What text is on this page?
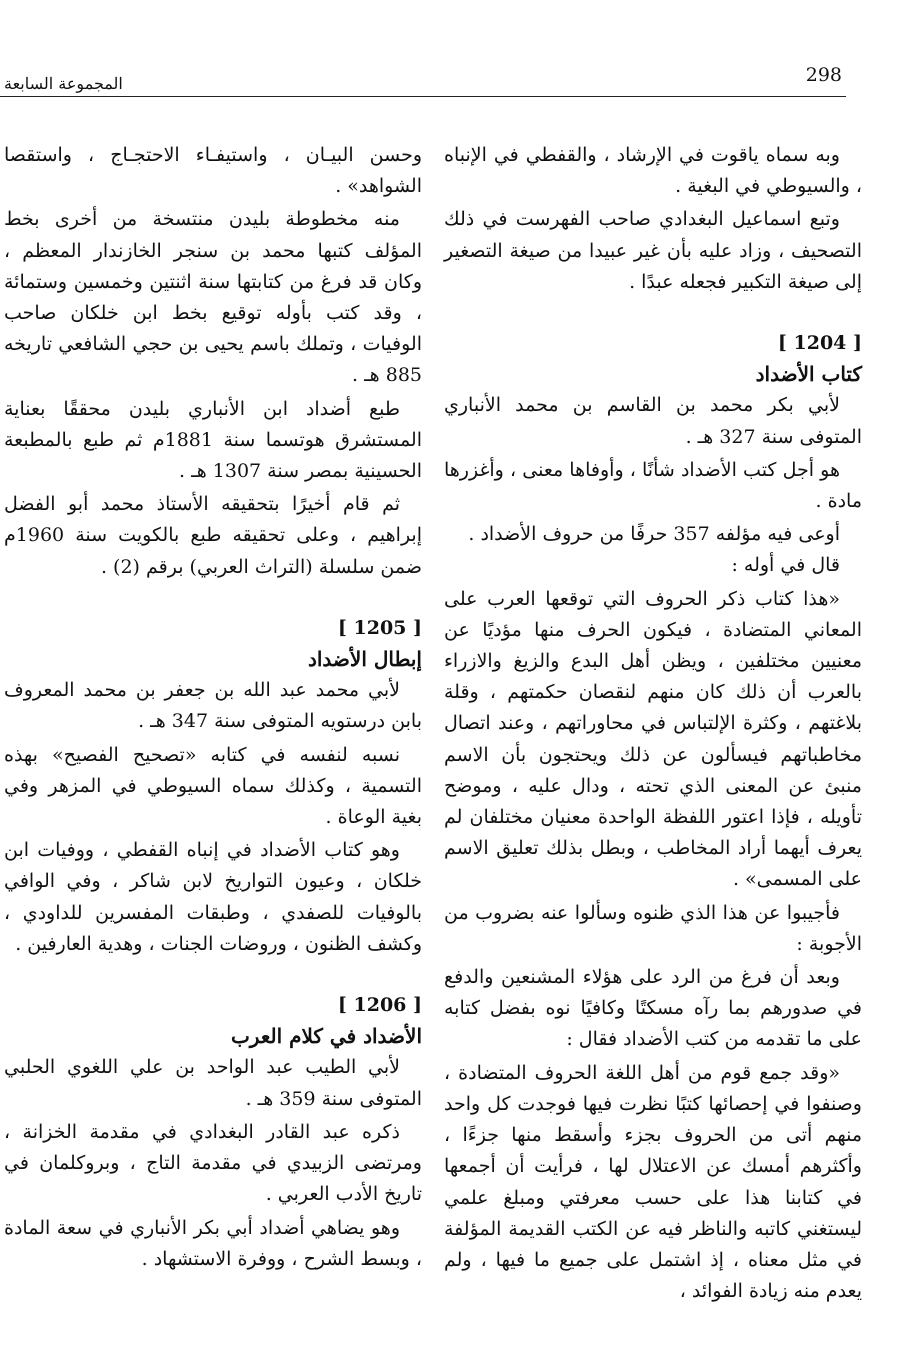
298
المجموعة السابعة

وبه سماه ياقوت في الإرشاد ، والقفطي في الإنباه ، والسيوطي في البغية .

وتبع اسماعيل البغدادي صاحب الفهرست في ذلك التصحيف ، وزاد عليه بأن غير عبيدا من صيغة التصغير إلى صيغة التكبير فجعله عبدًا .

[ 1204 ]
كتاب الأضداد

لأبي بكر محمد بن القاسم بن محمد الأنباري المتوفى سنة 327 هـ .

هو أجل كتب الأضداد شأنًا ، وأوفاها معنى ، وأغزرها مادة .

أوعى فيه مؤلفه 357 حرفًا من حروف الأضداد .

قال في أوله :

«هذا كتاب ذكر الحروف التي توقعها العرب على المعاني المتضادة ، فيكون الحرف منها مؤديًا عن معنيين مختلفين ، ويظن أهل البدع والزيغ والازراء بالعرب أن ذلك كان منهم لنقصان حكمتهم ، وقلة بلاغتهم ، وكثرة الإلتباس في محاوراتهم ، وعند اتصال مخاطباتهم فيسألون عن ذلك ويحتجون بأن الاسم منبئ عن المعنى الذي تحته ، ودال عليه ، وموضح تأويله ، فإذا اعتور اللفظة الواحدة معنيان مختلفان لم يعرف أيهما أراد المخاطب ، وبطل بذلك تعليق الاسم على المسمى» .

فأجيبوا عن هذا الذي ظنوه وسألوا عنه بضروب من الأجوبة :

وبعد أن فرغ من الرد على هؤلاء المشنعين والدفع في صدورهم بما رآه مسكتًا وكافيًا نوه بفضل كتابه على ما تقدمه من كتب الأضداد فقال :

«وقد جمع قوم من أهل اللغة الحروف المتضادة ، وصنفوا في إحصائها كتبًا نظرت فيها فوجدت كل واحد منهم أتى من الحروف بجزء وأسقط منها جزءًا ، وأكثرهم أمسك عن الاعتلال لها ، فرأيت أن أجمعها في كتابنا هذا على حسب معرفتي ومبلغ علمي ليستغني كاتبه والناظر فيه عن الكتب القديمة المؤلفة في مثل معناه ، إذ اشتمل على جميع ما فيها ، ولم يعدم منه زيادة الفوائد ،

وحسن البيـان ، واستيفـاء الاحتجـاج ، واستقصا الشواهد» .

منه مخطوطة بليدن منتسخة من أخرى بخط المؤلف كتبها محمد بن سنجر الخازندار المعظم ، وكان قد فرغ من كتابتها سنة اثنتين وخمسين وستمائة ، وقد كتب بأوله توقيع بخط ابن خلكان صاحب الوفيات ، وتملك باسم يحيى بن حجي الشافعي تاريخه 885 هـ .

طبع أضداد ابن الأنباري بليدن محققًا بعناية المستشرق هوتسما سنة 1881م ثم طبع بالمطبعة الحسينية بمصر سنة 1307 هـ .

ثم قام أخيرًا بتحقيقه الأستاذ محمد أبو الفضل إبراهيم ، وعلى تحقيقه طبع بالكويت سنة 1960م ضمن سلسلة (التراث العربي) برقم (2) .

[ 1205 ]
إبطال الأضداد

لأبي محمد عبد الله بن جعفر بن محمد المعروف بابن درستويه المتوفى سنة 347 هـ .

نسبه لنفسه في كتابه «تصحيح الفصيح» بهذه التسمية ، وكذلك سماه السيوطي في المزهر وفي بغية الوعاة .

وهو كتاب الأضداد في إنباه القفطي ، ووفيات ابن خلكان ، وعيون التواريخ لابن شاكر ، وفي الوافي بالوفيات للصفدي ، وطبقات المفسرين للداودي ، وكشف الظنون ، وروضات الجنات ، وهدية العارفين .

[ 1206 ]
الأضداد في كلام العرب

لأبي الطيب عبد الواحد بن علي اللغوي الحلبي المتوفى سنة 359 هـ .

ذكره عبد القادر البغدادي في مقدمة الخزانة ، ومرتضى الزبيدي في مقدمة التاج ، وبروكلمان في تاريخ الأدب العربي .

وهو يضاهي أضداد أبي بكر الأنباري في سعة المادة ، وبسط الشرح ، ووفرة الاستشهاد .
